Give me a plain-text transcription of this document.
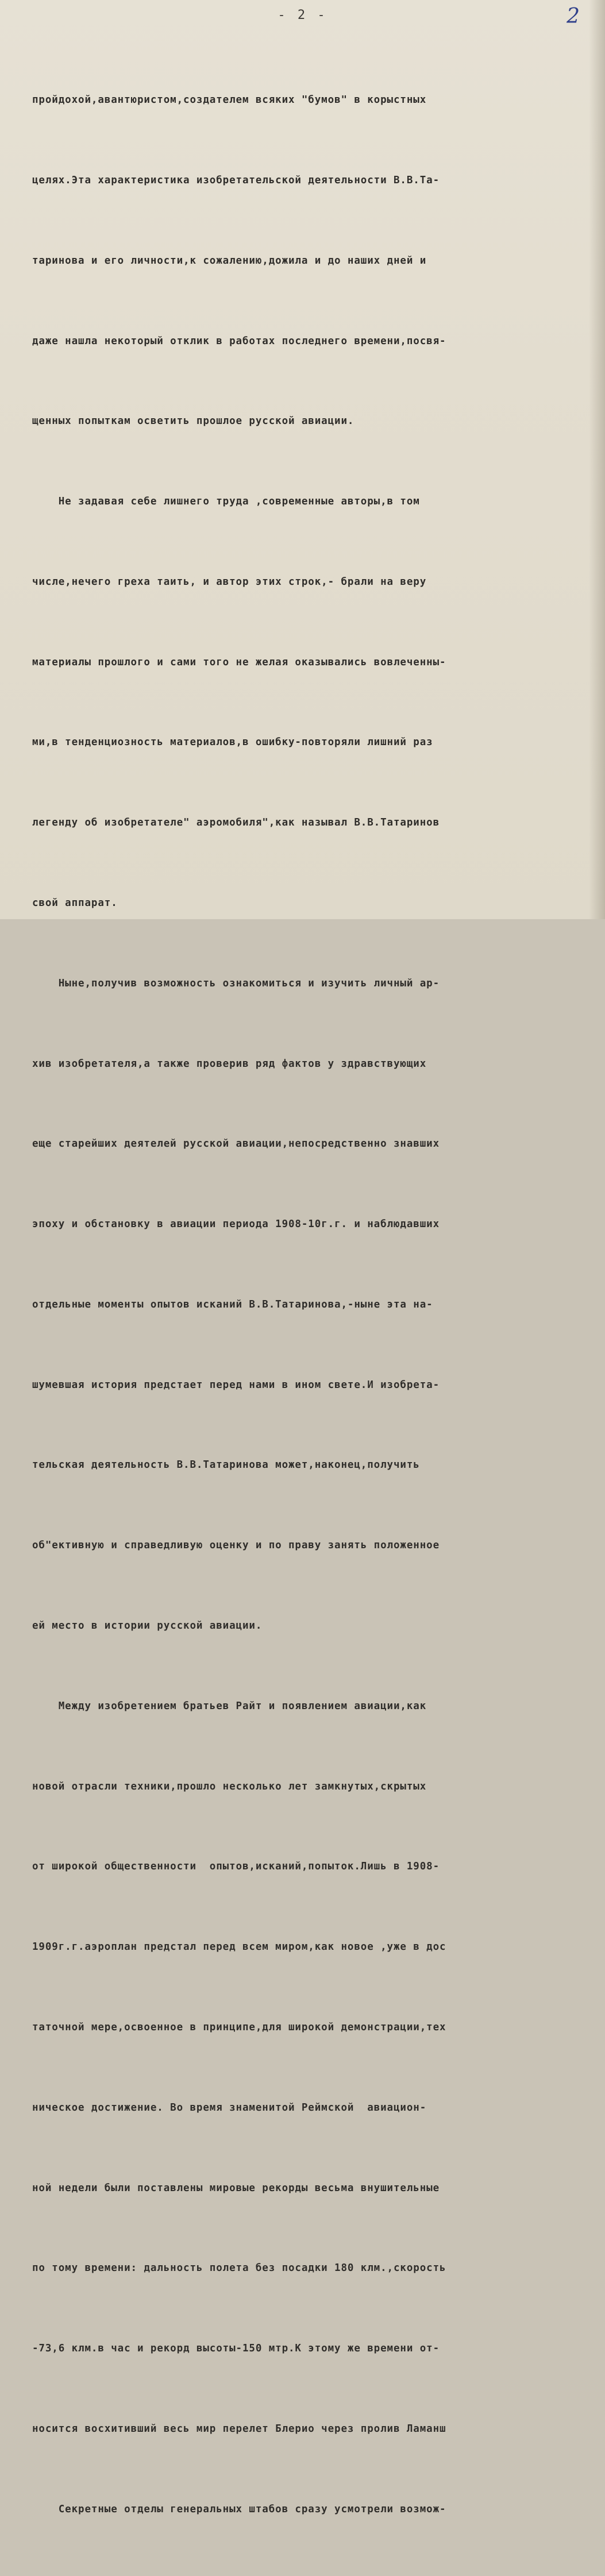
- 2 -	2

пройдохой,авантюристом,создателем всяких "бумов" в корыстных

целях.Эта характеристика изобретательской деятельности В.В.Та-

таринова и его личности,к сожалению,дожила и до наших дней и

даже нашла некоторый отклик в работах последнего времени,посвя-

щенных попыткам осветить прошлое русской авиации.

Не задавая себе лишнего труда ,современные авторы,в том

числе,нечего греха таить, и автор этих строк,- брали на веру

материалы прошлого и сами того не желая оказывались вовлеченны-

ми,в тенденциозность материалов,в ошибку-повторяли лишний раз

легенду об изобретателе" аэромобиля",как называл В.В.Татаринов

свой аппарат.

Ныне,получив возможность ознакомиться и изучить личный ар-

хив изобретателя,а также проверив ряд фактов у здравствующих

еще старейших деятелей русской авиации,непосредственно знавших

эпоху и обстановку в авиации периода 1908-10г.г. и наблюдавших

отдельные моменты опытов исканий В.В.Татаринова,-ныне эта на-

шумевшая история предстает перед нами в ином свете.И изобрета-

тельская деятельность В.В.Татаринова может,наконец,получить

об"ективную и справедливую оценку и по праву занять положенное

ей место в истории русской авиации.

Между изобретением братьев Райт и появлением авиации,как

новой отрасли техники,прошло несколько лет замкнутых,скрытых

от широкой общественности  опытов,исканий,попыток.Лишь в 1908-

1909г.г.аэроплан предстал перед всем миром,как новое ,уже в дос

таточной мере,освоенное в принципе,для широкой демонстрации,тех

ническое достижение. Во время знаменитой Реймской  авиацион-

ной недели были поставлены мировые рекорды весьма внушительные

по тому времени: дальность полета без посадки 180 клм.,скорость

-73,6 клм.в час и рекорд высоты-150 мтр.К этому же времени от-

носится восхитивший весь мир перелет Блерио через пролив Ламанш

Секретные отделы генеральных штабов сразу усмотрели возмож-
